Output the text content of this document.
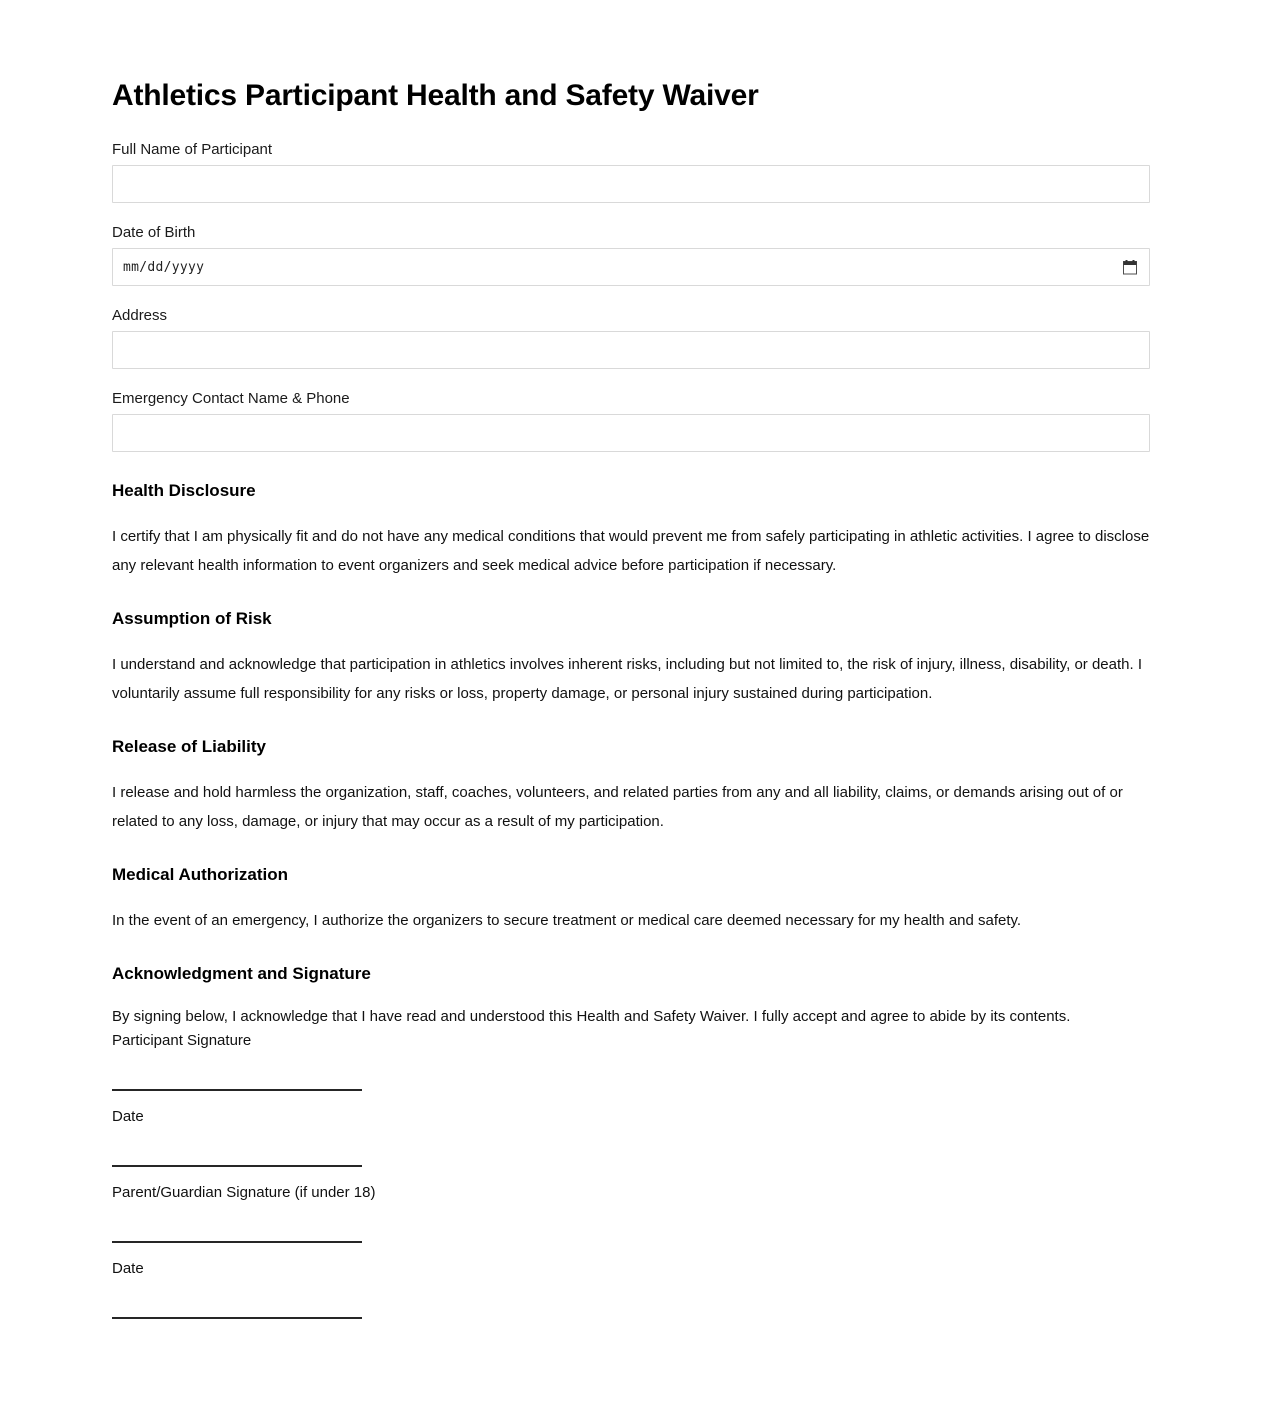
Athletics Participant Health and Safety Waiver
Full Name of Participant
Date of Birth
mm/dd/yyyy
Address
Emergency Contact Name & Phone
Health Disclosure

I certify that I am physically fit and do not have any medical conditions that would prevent me from safely participating in athletic activities. I agree to disclose any relevant health information to event organizers and seek medical advice before participation if necessary.

Assumption of Risk

I understand and acknowledge that participation in athletics involves inherent risks, including but not limited to, the risk of injury, illness, disability, or death. I voluntarily assume full responsibility for any risks or loss, property damage, or personal injury sustained during participation.

Release of Liability

I release and hold harmless the organization, staff, coaches, volunteers, and related parties from any and all liability, claims, or demands arising out of or related to any loss, damage, or injury that may occur as a result of my participation.

Medical Authorization

In the event of an emergency, I authorize the organizers to secure treatment or medical care deemed necessary for my health and safety.

Acknowledgment and Signature

By signing below, I acknowledge that I have read and understood this Health and Safety Waiver. I fully accept and agree to abide by its contents.
Participant Signature

Date
Parent/Guardian Signature (if under 18)
Date
